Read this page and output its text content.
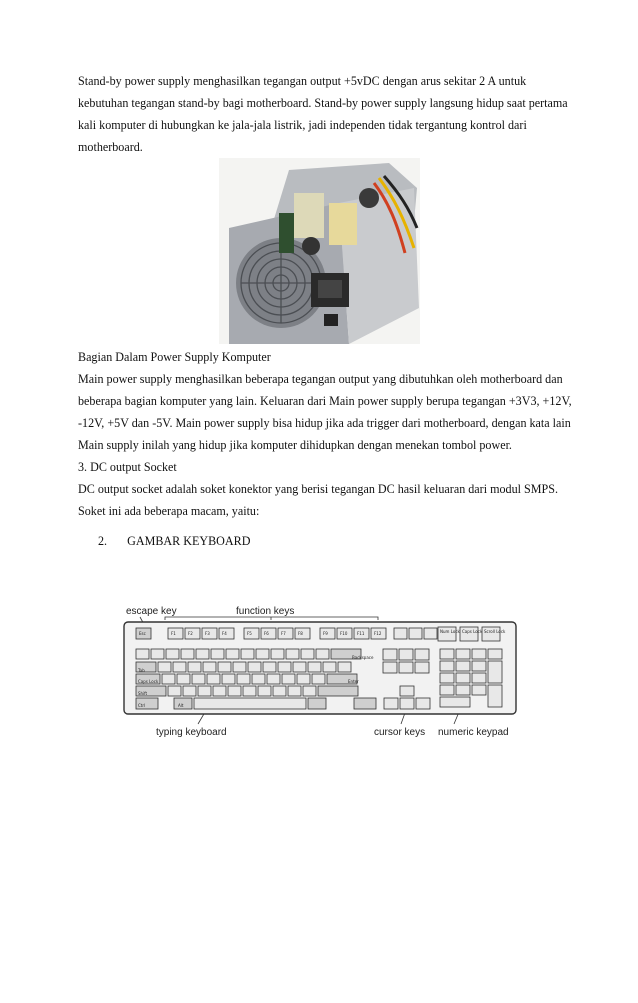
Stand-by power supply menghasilkan tegangan output +5vDC dengan arus sekitar 2 A untuk
kebutuhan tegangan stand-by bagi motherboard. Stand-by power supply langsung hidup saat pertama
kali komputer di hubungkan ke jala-jala listrik, jadi independen tidak tergantung kontrol dari
motherboard.
Bagian Dalam Power Supply Komputer
Main power supply menghasilkan beberapa tegangan output yang dibutuhkan oleh motherboard dan
beberapa bagian komputer yang lain. Keluaran dari Main power supply berupa tegangan +3V3, +12V,
-12V, +5V dan -5V. Main power supply bisa hidup jika ada trigger dari motherboard, dengan kata lain
Main supply inilah yang hidup jika komputer dihidupkan dengan menekan tombol power.
3. DC output Socket
DC output socket adalah soket konektor yang berisi tegangan DC hasil keluaran dari modul SMPS.
Soket ini ada beberapa macam, yaitu:
2. GAMBAR KEYBOARD
escape key	function keys
typing keyboard	cursor keys numeric keypad
Esc	F1	F2	F3	F4	F5	F6	F7	F8	F9	F10 F11 F12	Num Lock Caps Lock Scroll Lock
Tab
Caps Lock
Shift
Ctrl	Alt
Enter
Backspace
